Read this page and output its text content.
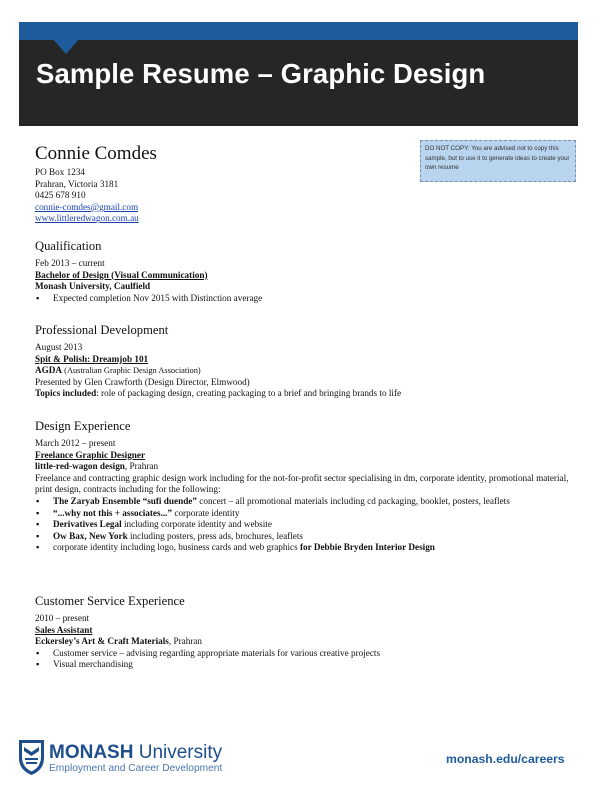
Sample Resume – Graphic Design
DO NOT COPY: You are advised not to copy this sample, but to use it to generate ideas to create your own resume
Connie Comdes
PO Box 1234
Prahran, Victoria 3181
0425 678 910
connie-comdes@gmail.com
www.littleredwagon.com.au
Qualification
Feb 2013 – current
Bachelor of Design (Visual Communication)
Monash University, Caulfield
▪ Expected completion Nov 2015 with Distinction average
Professional Development
August 2013
Spit & Polish: Dreamjob 101
AGDA (Australian Graphic Design Association)
Presented by Glen Crawforth (Design Director, Elmwood)
Topics included: role of packaging design, creating packaging to a brief and bringing brands to life
Design Experience
March 2012 – present
Freelance Graphic Designer
little-red-wagon design, Prahran
Freelance and contracting graphic design work including for the not-for-profit sector specialising in dm, corporate identity, promotional material, print design, contracts including for the following:
▪ The Zaryab Ensemble “sufi duende” concert – all promotional materials including cd packaging, booklet, posters, leaflets
▪ “...why not this + associates...” corporate identity
▪ Derivatives Legal including corporate identity and website
▪ Ow Bax, New York including posters, press ads, brochures, leaflets
▪ corporate identity including logo, business cards and web graphics for Debbie Bryden Interior Design
Customer Service Experience
2010 – present
Sales Assistant
Eckersley’s Art & Craft Materials, Prahran
▪ Customer service – advising regarding appropriate materials for various creative projects
▪ Visual merchandising
MONASH University
Employment and Career Development
monash.edu/careers
